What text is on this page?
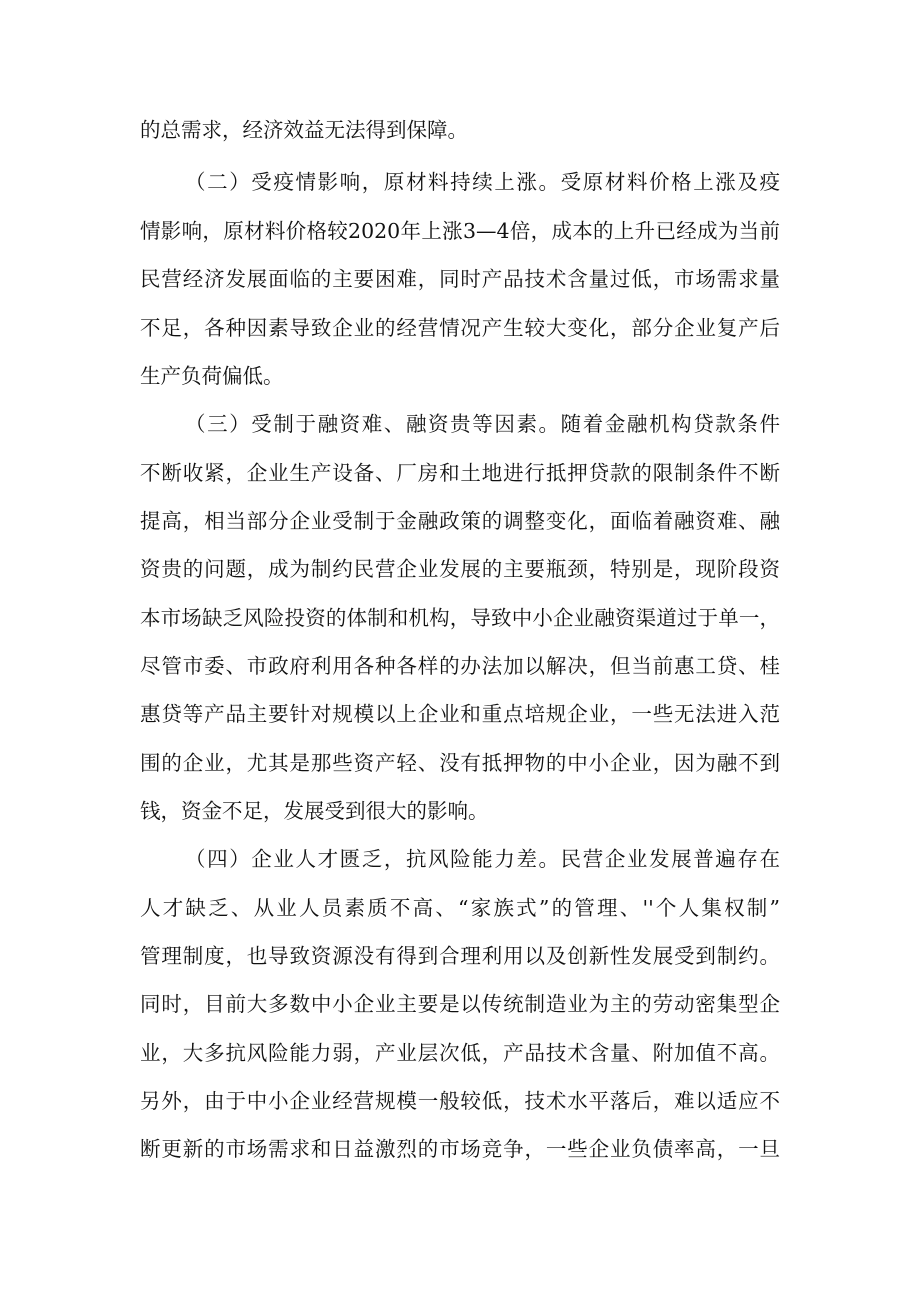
的总需求，经济效益无法得到保障。
（二）受疫情影响，原材料持续上涨。受原材料价格上涨及疫
情影响，原材料价格较2020年上涨3—4倍，成本的上升已经成为当前
民营经济发展面临的主要困难，同时产品技术含量过低，市场需求量
不足，各种因素导致企业的经营情况产生较大变化，部分企业复产后
生产负荷偏低。
（三）受制于融资难、融资贵等因素。随着金融机构贷款条件
不断收紧，企业生产设备、厂房和土地进行抵押贷款的限制条件不断
提高，相当部分企业受制于金融政策的调整变化，面临着融资难、融
资贵的问题，成为制约民营企业发展的主要瓶颈，特别是，现阶段资
本市场缺乏风险投资的体制和机构，导致中小企业融资渠道过于单一，
尽管市委、市政府利用各种各样的办法加以解决，但当前惠工贷、桂
惠贷等产品主要针对规模以上企业和重点培规企业，一些无法进入范
围的企业，尤其是那些资产轻、没有抵押物的中小企业，因为融不到
钱，资金不足，发展受到很大的影响。
（四）企业人才匮乏，抗风险能力差。民营企业发展普遍存在
人才缺乏、从业人员素质不高、“家族式”的管理、''个人集权制”
管理制度，也导致资源没有得到合理利用以及创新性发展受到制约。
同时，目前大多数中小企业主要是以传统制造业为主的劳动密集型企
业，大多抗风险能力弱，产业层次低，产品技术含量、附加值不高。
另外，由于中小企业经营规模一般较低，技术水平落后，难以适应不
断更新的市场需求和日益激烈的市场竞争，一些企业负债率高，一旦
